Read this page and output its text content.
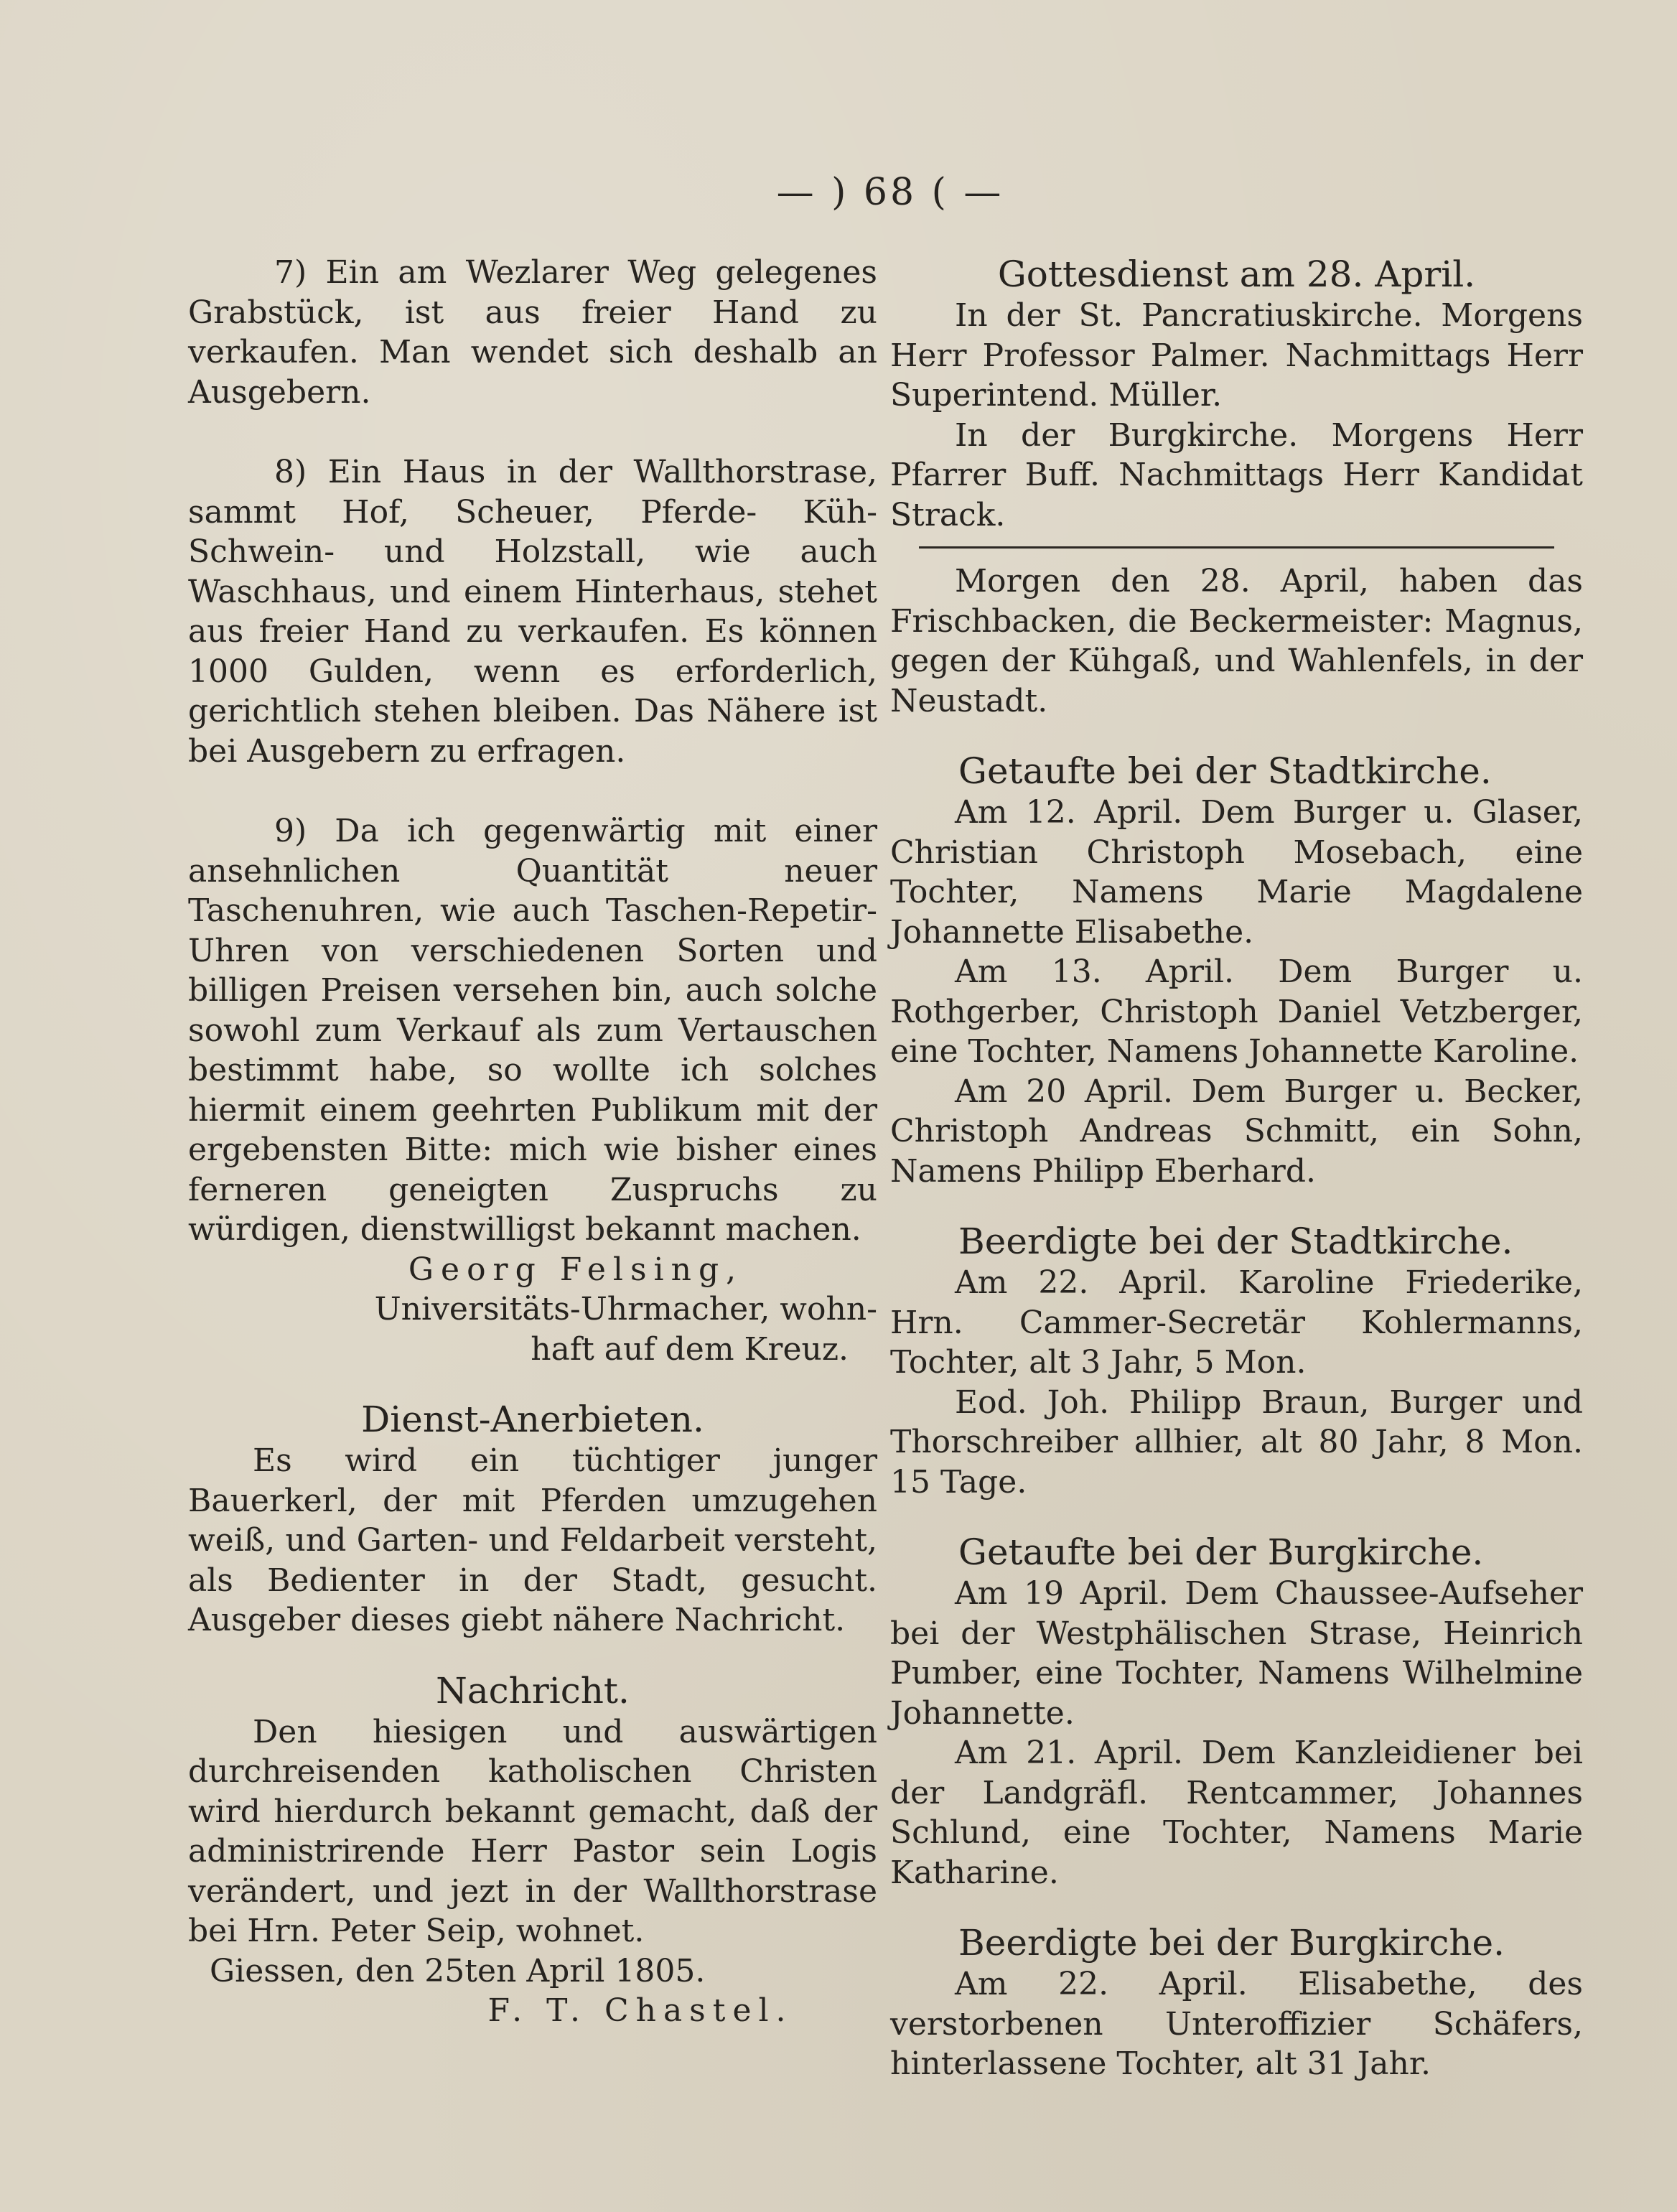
— ) 68 ( —

7) Ein am Wezlarer Weg gelegenes Grabstück, ist aus freier Hand zu verkaufen. Man wendet sich deshalb an Ausgebern.

8) Ein Haus in der Wallthorstrase, sammt Hof, Scheuer, Pferde- Küh- Schwein- und Holzstall, wie auch Waschhaus, und einem Hinterhaus, stehet aus freier Hand zu verkaufen. Es können 1000 Gulden, wenn es erforderlich, gerichtlich stehen bleiben. Das Nähere ist bei Ausgebern zu erfragen.

9) Da ich gegenwärtig mit einer ansehnlichen Quantität neuer Taschenuhren, wie auch Taschen-Repetir-Uhren von verschiedenen Sorten und billigen Preisen versehen bin, auch solche sowohl zum Verkauf als zum Vertauschen bestimmt habe, so wollte ich solches hiermit einem geehrten Publikum mit der ergebensten Bitte: mich wie bisher eines ferneren geneigten Zuspruchs zu würdigen, dienstwilligst bekannt machen.

Georg Felsing,

Universitäts-Uhrmacher, wohn-

haft auf dem Kreuz.

Dienst-Anerbieten.

Es wird ein tüchtiger junger Bauerkerl, der mit Pferden umzugehen weiß, und Garten- und Feldarbeit versteht, als Bedienter in der Stadt, gesucht. Ausgeber dieses giebt nähere Nachricht.

Nachricht.

Den hiesigen und auswärtigen durchreisenden katholischen Christen wird hierdurch bekannt gemacht, daß der administrirende Herr Pastor sein Logis verändert, und jezt in der Wallthorstrase bei Hrn. Peter Seip, wohnet.

Giessen, den 25ten April 1805.

F. T. Chastel.

Gottesdienst am 28. April.

In der St. Pancratiuskirche. Morgens Herr Professor Palmer. Nachmittags Herr Superintend. Müller.

In der Burgkirche. Morgens Herr Pfarrer Buff. Nachmittags Herr Kandidat Strack.

Morgen den 28. April, haben das Frischbacken, die Beckermeister: Magnus, gegen der Kühgaß, und Wahlenfels, in der Neustadt.

Getaufte bei der Stadtkirche.

Am 12. April. Dem Burger u. Glaser, Christian Christoph Mosebach, eine Tochter, Namens Marie Magdalene Johannette Elisabethe.

Am 13. April. Dem Burger u. Rothgerber, Christoph Daniel Vetzberger, eine Tochter, Namens Johannette Karoline.

Am 20 April. Dem Burger u. Becker, Christoph Andreas Schmitt, ein Sohn, Namens Philipp Eberhard.

Beerdigte bei der Stadtkirche.

Am 22. April. Karoline Friederike, Hrn. Cammer-Secretär Kohlermanns, Tochter, alt 3 Jahr, 5 Mon.

Eod. Joh. Philipp Braun, Burger und Thorschreiber allhier, alt 80 Jahr, 8 Mon. 15 Tage.

Getaufte bei der Burgkirche.

Am 19 April. Dem Chaussee-Aufseher bei der Westphälischen Strase, Heinrich Pumber, eine Tochter, Namens Wilhelmine Johannette.

Am 21. April. Dem Kanzleidiener bei der Landgräfl. Rentcammer, Johannes Schlund, eine Tochter, Namens Marie Katharine.

Beerdigte bei der Burgkirche.

Am 22. April. Elisabethe, des verstorbenen Unteroffizier Schäfers, hinterlassene Tochter, alt 31 Jahr.
